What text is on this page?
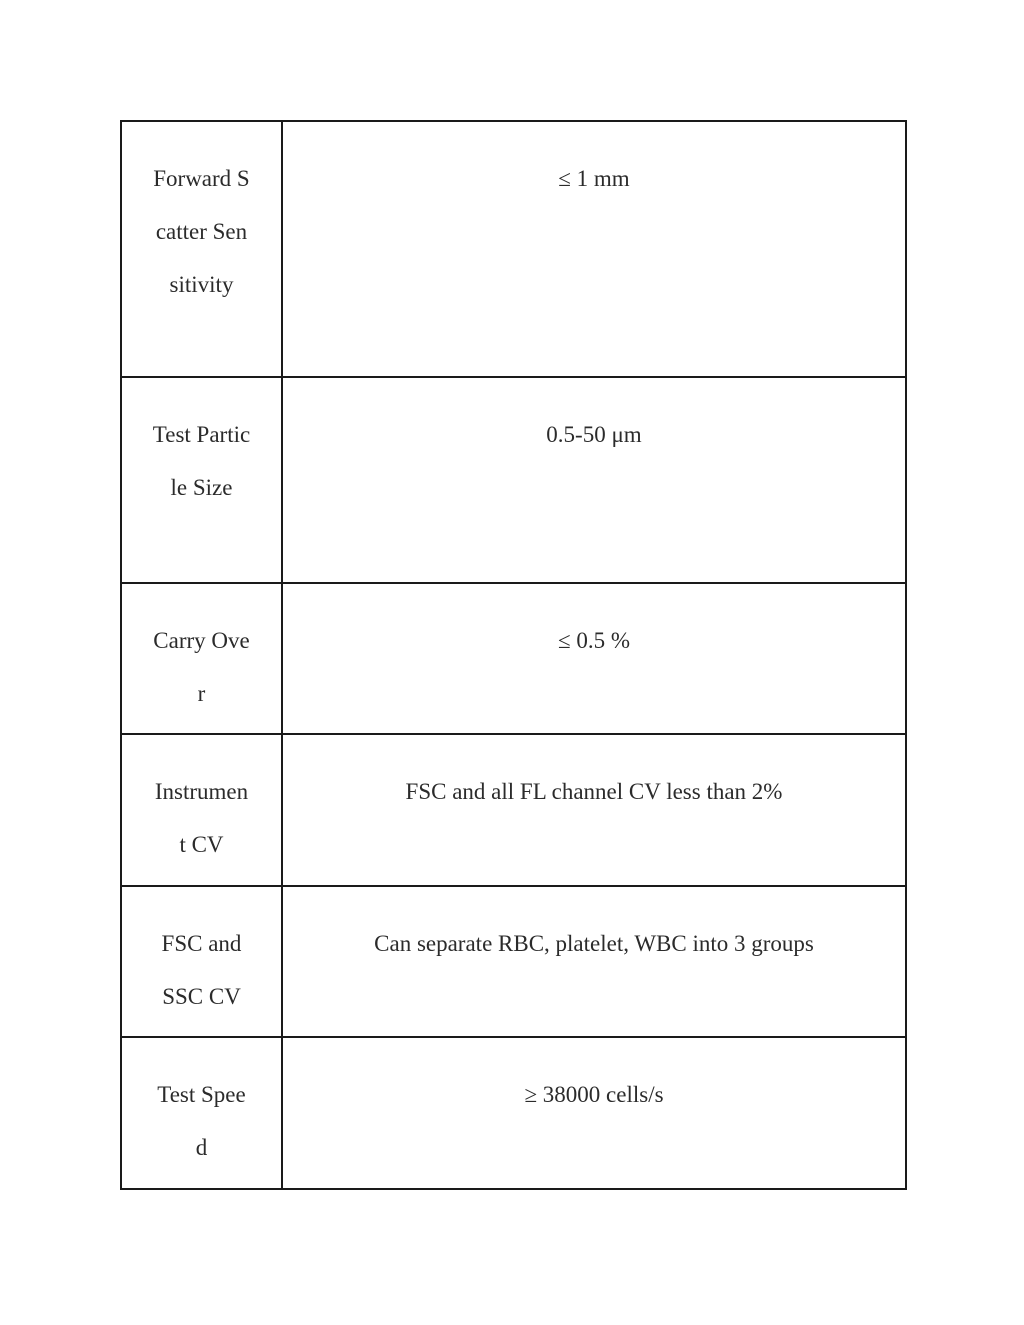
Forward Scatter Sensitivity	≤ 1 mm
Test Particle Size	0.5-50 μm
Carry Over	≤ 0.5 %
Instrument CV	FSC and all FL channel CV less than 2%
FSC and SSC CV	Can separate RBC, platelet, WBC into 3 groups
Test Speed	≥ 38000 cells/s
